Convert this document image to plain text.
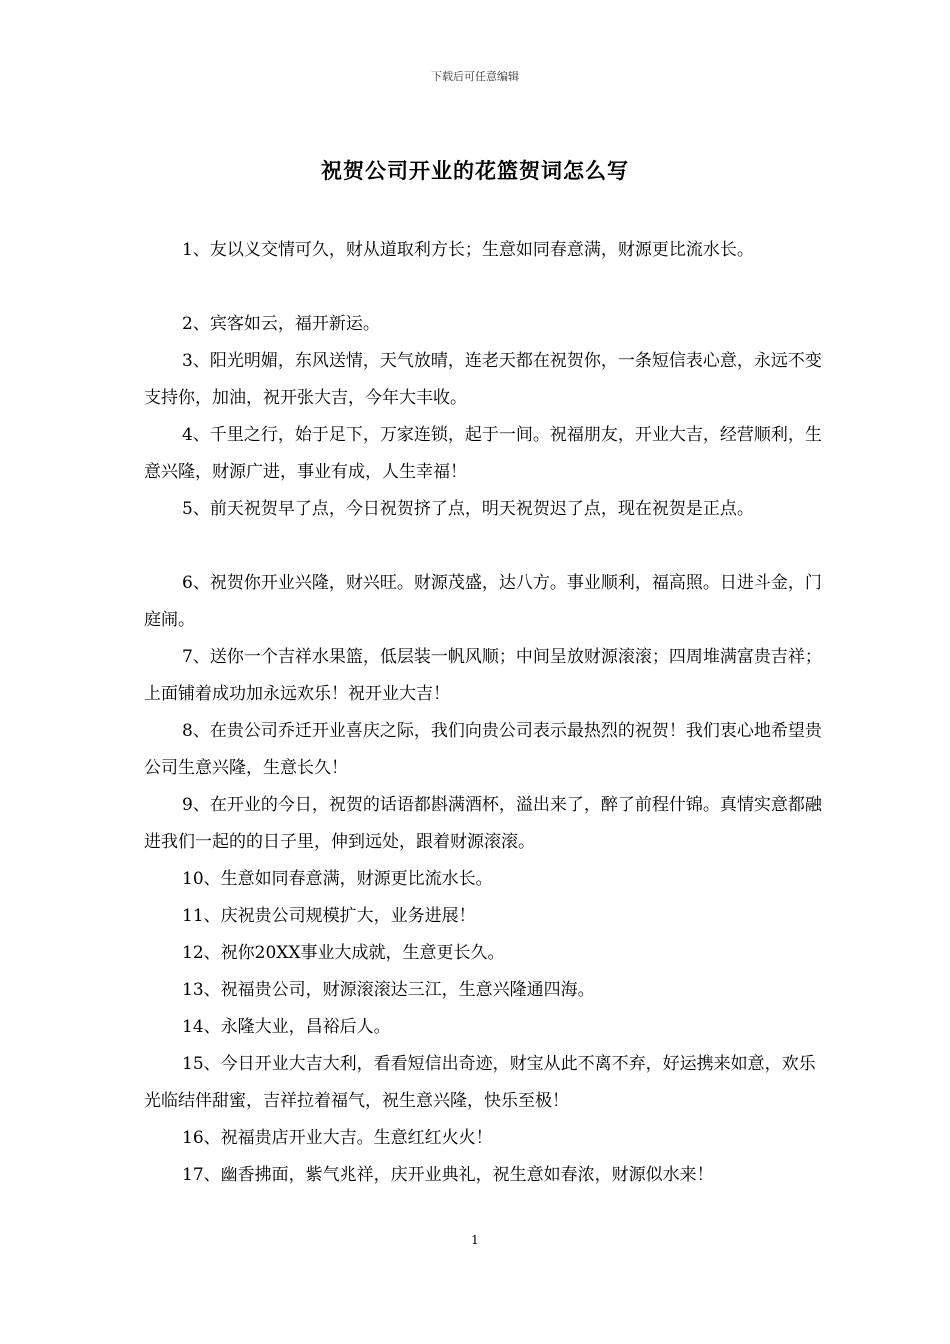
下载后可任意编辑
祝贺公司开业的花篮贺词怎么写

1、友以义交情可久，财从道取利方长；生意如同春意满，财源更比流水长。

2、宾客如云，福开新运。

3、阳光明媚，东风送情，天气放晴，连老天都在祝贺你，一条短信表心意，永远不变支持你，加油，祝开张大吉，今年大丰收。

4、千里之行，始于足下，万家连锁，起于一间。祝福朋友，开业大吉，经营顺利，生意兴隆，财源广进，事业有成，人生幸福！

5、前天祝贺早了点，今日祝贺挤了点，明天祝贺迟了点，现在祝贺是正点。

6、祝贺你开业兴隆，财兴旺。财源茂盛，达八方。事业顺利，福高照。日进斗金，门庭闹。

7、送你一个吉祥水果篮，低层装一帆风顺；中间呈放财源滚滚；四周堆满富贵吉祥；上面铺着成功加永远欢乐！祝开业大吉！

8、在贵公司乔迁开业喜庆之际，我们向贵公司表示最热烈的祝贺！我们衷心地希望贵公司生意兴隆，生意长久！

9、在开业的今日，祝贺的话语都斟满酒杯，溢出来了，醉了前程什锦。真情实意都融进我们一起的的日子里，伸到远处，跟着财源滚滚。

10、生意如同春意满，财源更比流水长。

11、庆祝贵公司规模扩大，业务进展！

12、祝你20XX事业大成就，生意更长久。

13、祝福贵公司，财源滚滚达三江，生意兴隆通四海。

14、永隆大业，昌裕后人。

15、今日开业大吉大利，看看短信出奇迹，财宝从此不离不弃，好运携来如意，欢乐光临结伴甜蜜，吉祥拉着福气，祝生意兴隆，快乐至极！

16、祝福贵店开业大吉。生意红红火火！

17、幽香拂面，紫气兆祥，庆开业典礼，祝生意如春浓，财源似水来！

1
